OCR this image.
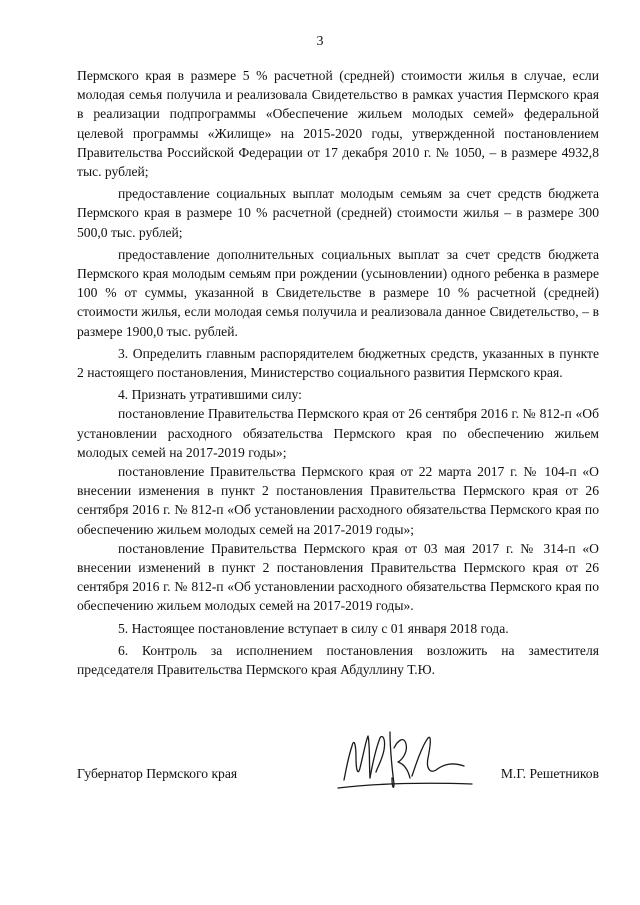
3

Пермского края в размере 5 % расчетной (средней) стоимости жилья в случае, если молодая семья получила и реализовала Свидетельство в рамках участия Пермского края в реализации подпрограммы «Обеспечение жильем молодых семей» федеральной целевой программы «Жилище» на 2015-2020 годы, утвержденной постановлением Правительства Российской Федерации от 17 декабря 2010 г. № 1050, – в размере 4932,8 тыс. рублей;

предоставление социальных выплат молодым семьям за счет средств бюджета Пермского края в размере 10 % расчетной (средней) стоимости жилья – в размере 300 500,0 тыс. рублей;

предоставление дополнительных социальных выплат за счет средств бюджета Пермского края молодым семьям при рождении (усыновлении) одного ребенка в размере 100 % от суммы, указанной в Свидетельстве в размере 10 % расчетной (средней) стоимости жилья, если молодая семья получила и реализовала данное Свидетельство, – в размере 1900,0 тыс. рублей.

3. Определить главным распорядителем бюджетных средств, указанных в пункте 2 настоящего постановления, Министерство социального развития Пермского края.

4. Признать утратившими силу:

постановление Правительства Пермского края от 26 сентября 2016 г. № 812-п «Об установлении расходного обязательства Пермского края по обеспечению жильем молодых семей на 2017-2019 годы»;

постановление Правительства Пермского края от 22 марта 2017 г. № 104-п «О внесении изменения в пункт 2 постановления Правительства Пермского края от 26 сентября 2016 г. № 812-п «Об установлении расходного обязательства Пермского края по обеспечению жильем молодых семей на 2017-2019 годы»;

постановление Правительства Пермского края от 03 мая 2017 г. № 314-п «О внесении изменений в пункт 2 постановления Правительства Пермского края от 26 сентября 2016 г. № 812-п «Об установлении расходного обязательства Пермского края по обеспечению жильем молодых семей на 2017-2019 годы».

5. Настоящее постановление вступает в силу с 01 января 2018 года.

6. Контроль за исполнением постановления возложить на заместителя председателя Правительства Пермского края Абдуллину Т.Ю.

Губернатор Пермского края	М.Г. Решетников
